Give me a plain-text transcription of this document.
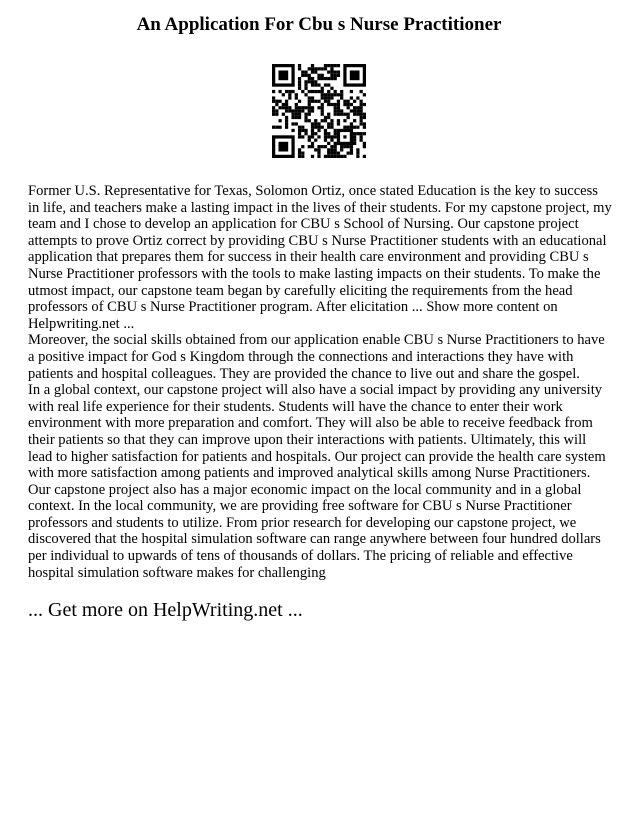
An Application For Cbu s Nurse Practitioner

Former U.S. Representative for Texas, Solomon Ortiz, once stated Education is the key to success in life, and teachers make a lasting impact in the lives of their students. For my capstone project, my team and I chose to develop an application for CBU s School of Nursing. Our capstone project attempts to prove Ortiz correct by providing CBU s Nurse Practitioner students with an educational application that prepares them for success in their health care environment and providing CBU s Nurse Practitioner professors with the tools to make lasting impacts on their students. To make the utmost impact, our capstone team began by carefully eliciting the requirements from the head professors of CBU s Nurse Practitioner program. After elicitation ... Show more content on Helpwriting.net ...

Moreover, the social skills obtained from our application enable CBU s Nurse Practitioners to have a positive impact for God s Kingdom through the connections and interactions they have with patients and hospital colleagues. They are provided the chance to live out and share the gospel.

In a global context, our capstone project will also have a social impact by providing any university with real life experience for their students. Students will have the chance to enter their work environment with more preparation and comfort. They will also be able to receive feedback from their patients so that they can improve upon their interactions with patients. Ultimately, this will lead to higher satisfaction for patients and hospitals. Our project can provide the health care system with more satisfaction among patients and improved analytical skills among Nurse Practitioners. Our capstone project also has a major economic impact on the local community and in a global context. In the local community, we are providing free software for CBU s Nurse Practitioner professors and students to utilize. From prior research for developing our capstone project, we discovered that the hospital simulation software can range anywhere between four hundred dollars per individual to upwards of tens of thousands of dollars. The pricing of reliable and effective hospital simulation software makes for challenging

... Get more on HelpWriting.net ...
